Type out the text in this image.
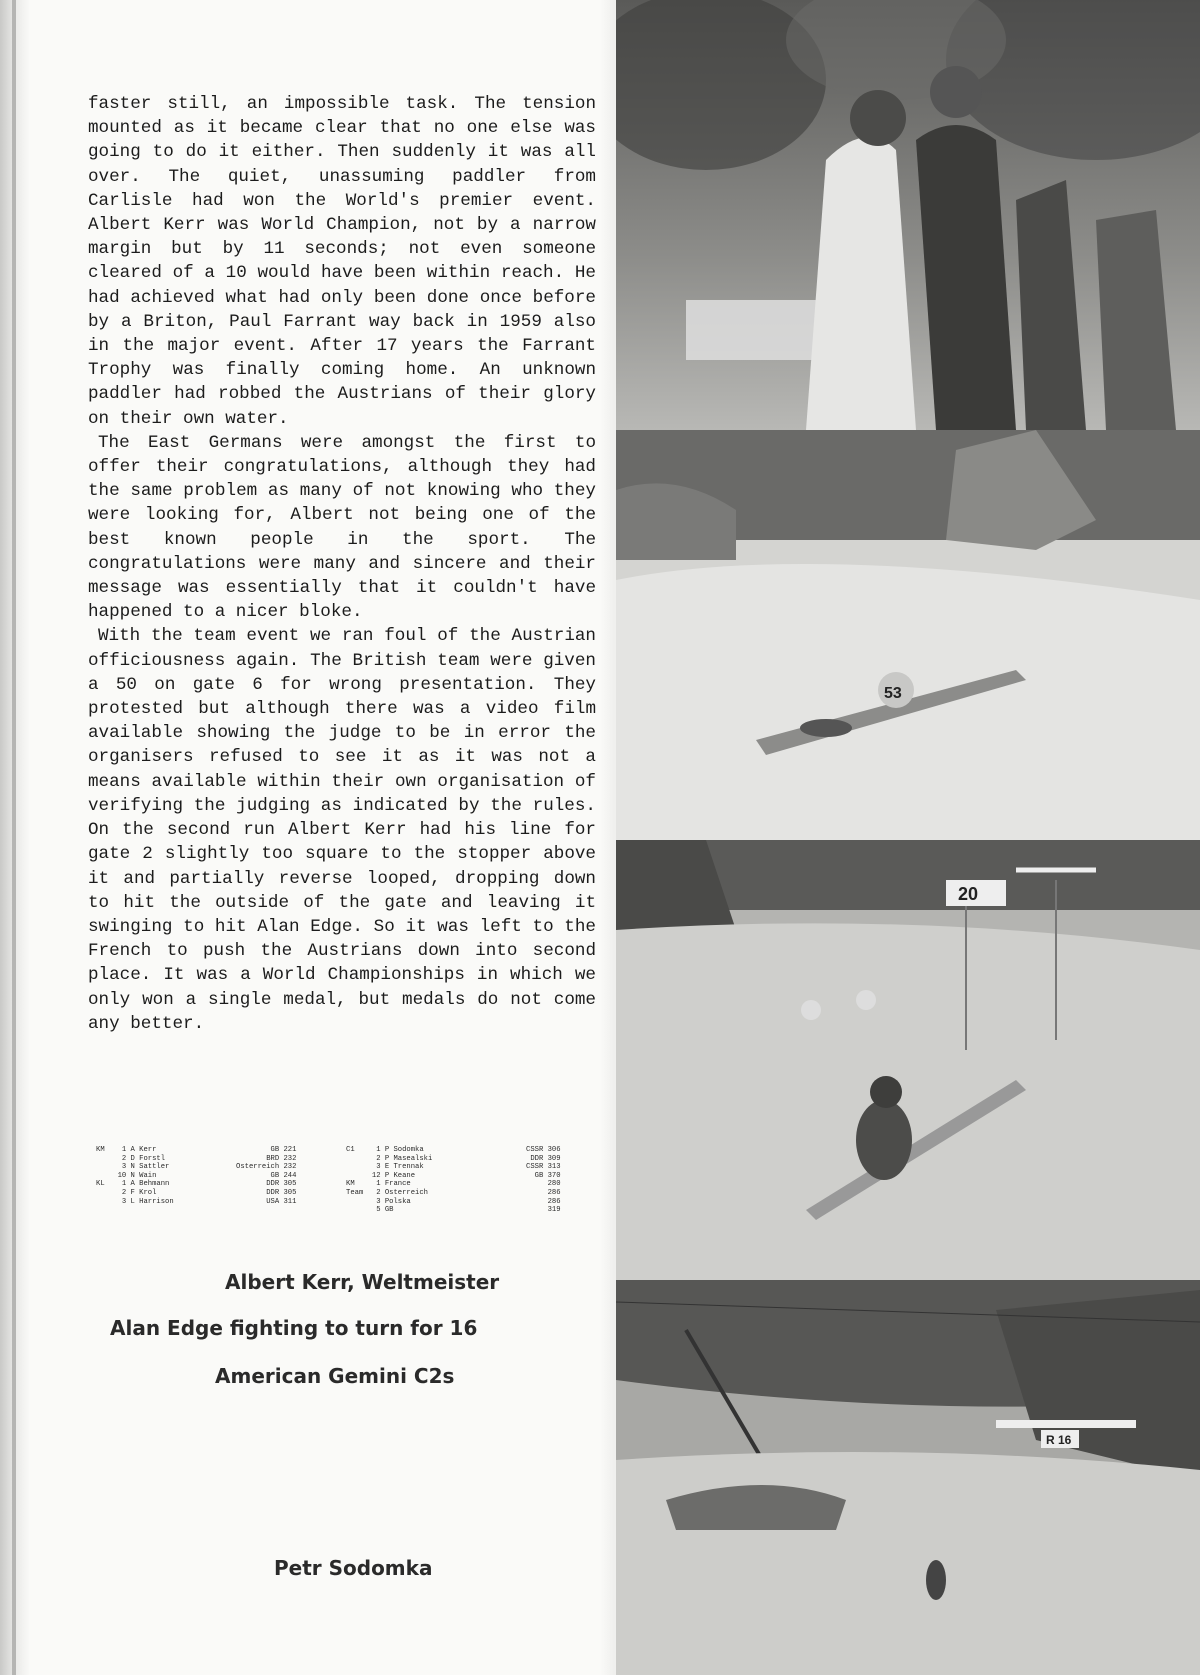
faster still, an impossible task. The tension mounted as it became clear that no one else was going to do it either. Then suddenly it was all over. The quiet, unassuming paddler from Carlisle had won the World's premier event. Albert Kerr was World Champion, not by a narrow margin but by 11 seconds; not even someone cleared of a 10 would have been within reach. He had achieved what had only been done once before by a Briton, Paul Farrant way back in 1959 also in the major event. After 17 years the Farrant Trophy was finally coming home. An unknown paddler had robbed the Austrians of their glory on their own water.

The East Germans were amongst the first to offer their congratulations, although they had the same problem as many of not knowing who they were looking for, Albert not being one of the best known people in the sport. The congratulations were many and sincere and their message was essentially that it couldn't have happened to a nicer bloke.

With the team event we ran foul of the Austrian officiousness again. The British team were given a 50 on gate 6 for wrong presentation. They protested but although there was a video film available showing the judge to be in error the organisers refused to see it as it was not a means available within their own organisation of verifying the judging as indicated by the rules. On the second run Albert Kerr had his line for gate 2 slightly too square to the stopper above it and partially reverse looped, dropping down to hit the outside of the gate and leaving it swinging to hit Alan Edge. So it was left to the French to push the Austrians down into second place. It was a World Championships in which we only won a single medal, but medals do not come any better.

KM    1 A Kerr
2 D Forstl
3 N Sattler
10 N Wain
KL    1 A Behmann
2 F Krol
3 L Harrison
GB 221
BRD 232
Osterreich 232
GB 244
DDR 305
DDR 305
USA 311
C1     1 P Sodomka
2 P Masealski
3 E Trennak
12 P Keane
KM     1 France
Team   2 Osterreich
3 Polska
5 GB
CSSR 306
DDR 309
CSSR 313
GB 370
280
286
286
319
Albert Kerr, Weltmeister
Alan Edge fighting to turn for 16
American Gemini C2s
Petr Sodomka
53
20
R 16
